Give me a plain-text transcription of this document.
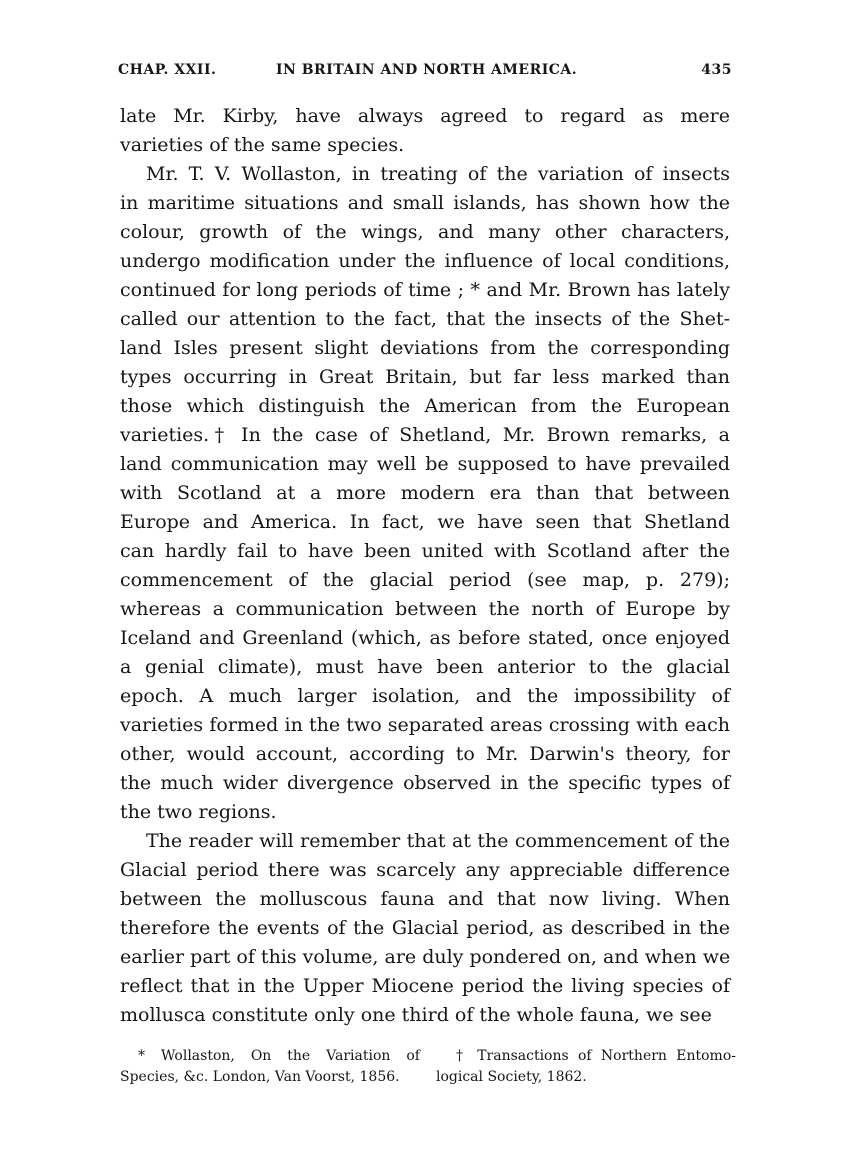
CHAP. XXII.	IN BRITAIN AND NORTH AMERICA.	435
late Mr. Kirby, have always agreed to regard as mere
varieties of the same species.
Mr. T. V. Wollaston, in treating of the variation of insects
in maritime situations and small islands, has shown how the
colour, growth of the wings, and many other characters,
undergo modification under the influence of local conditions,
continued for long periods of time ; * and Mr. Brown has lately
called our attention to the fact, that the insects of the Shet-
land Isles present slight deviations from the corresponding
types occurring in Great Britain, but far less marked than
those which distinguish the American from the European
varieties.† In the case of Shetland, Mr. Brown remarks, a
land communication may well be supposed to have prevailed
with Scotland at a more modern era than that between
Europe and America. In fact, we have seen that Shetland
can hardly fail to have been united with Scotland after the
commencement of the glacial period (see map, p. 279);
whereas a communication between the north of Europe by
Iceland and Greenland (which, as before stated, once enjoyed
a genial climate), must have been anterior to the glacial
epoch. A much larger isolation, and the impossibility of
varieties formed in the two separated areas crossing with each
other, would account, according to Mr. Darwin's theory, for
the much wider divergence observed in the specific types of
the two regions.
The reader will remember that at the commencement of the
Glacial period there was scarcely any appreciable difference
between the molluscous fauna and that now living. When
therefore the events of the Glacial period, as described in the
earlier part of this volume, are duly pondered on, and when we
reflect that in the Upper Miocene period the living species of
mollusca constitute only one third of the whole fauna, we see
* Wollaston, On the Variation of
Species, &c. London, Van Voorst, 1856.
† Transactions of Northern Entomo-
logical Society, 1862.
